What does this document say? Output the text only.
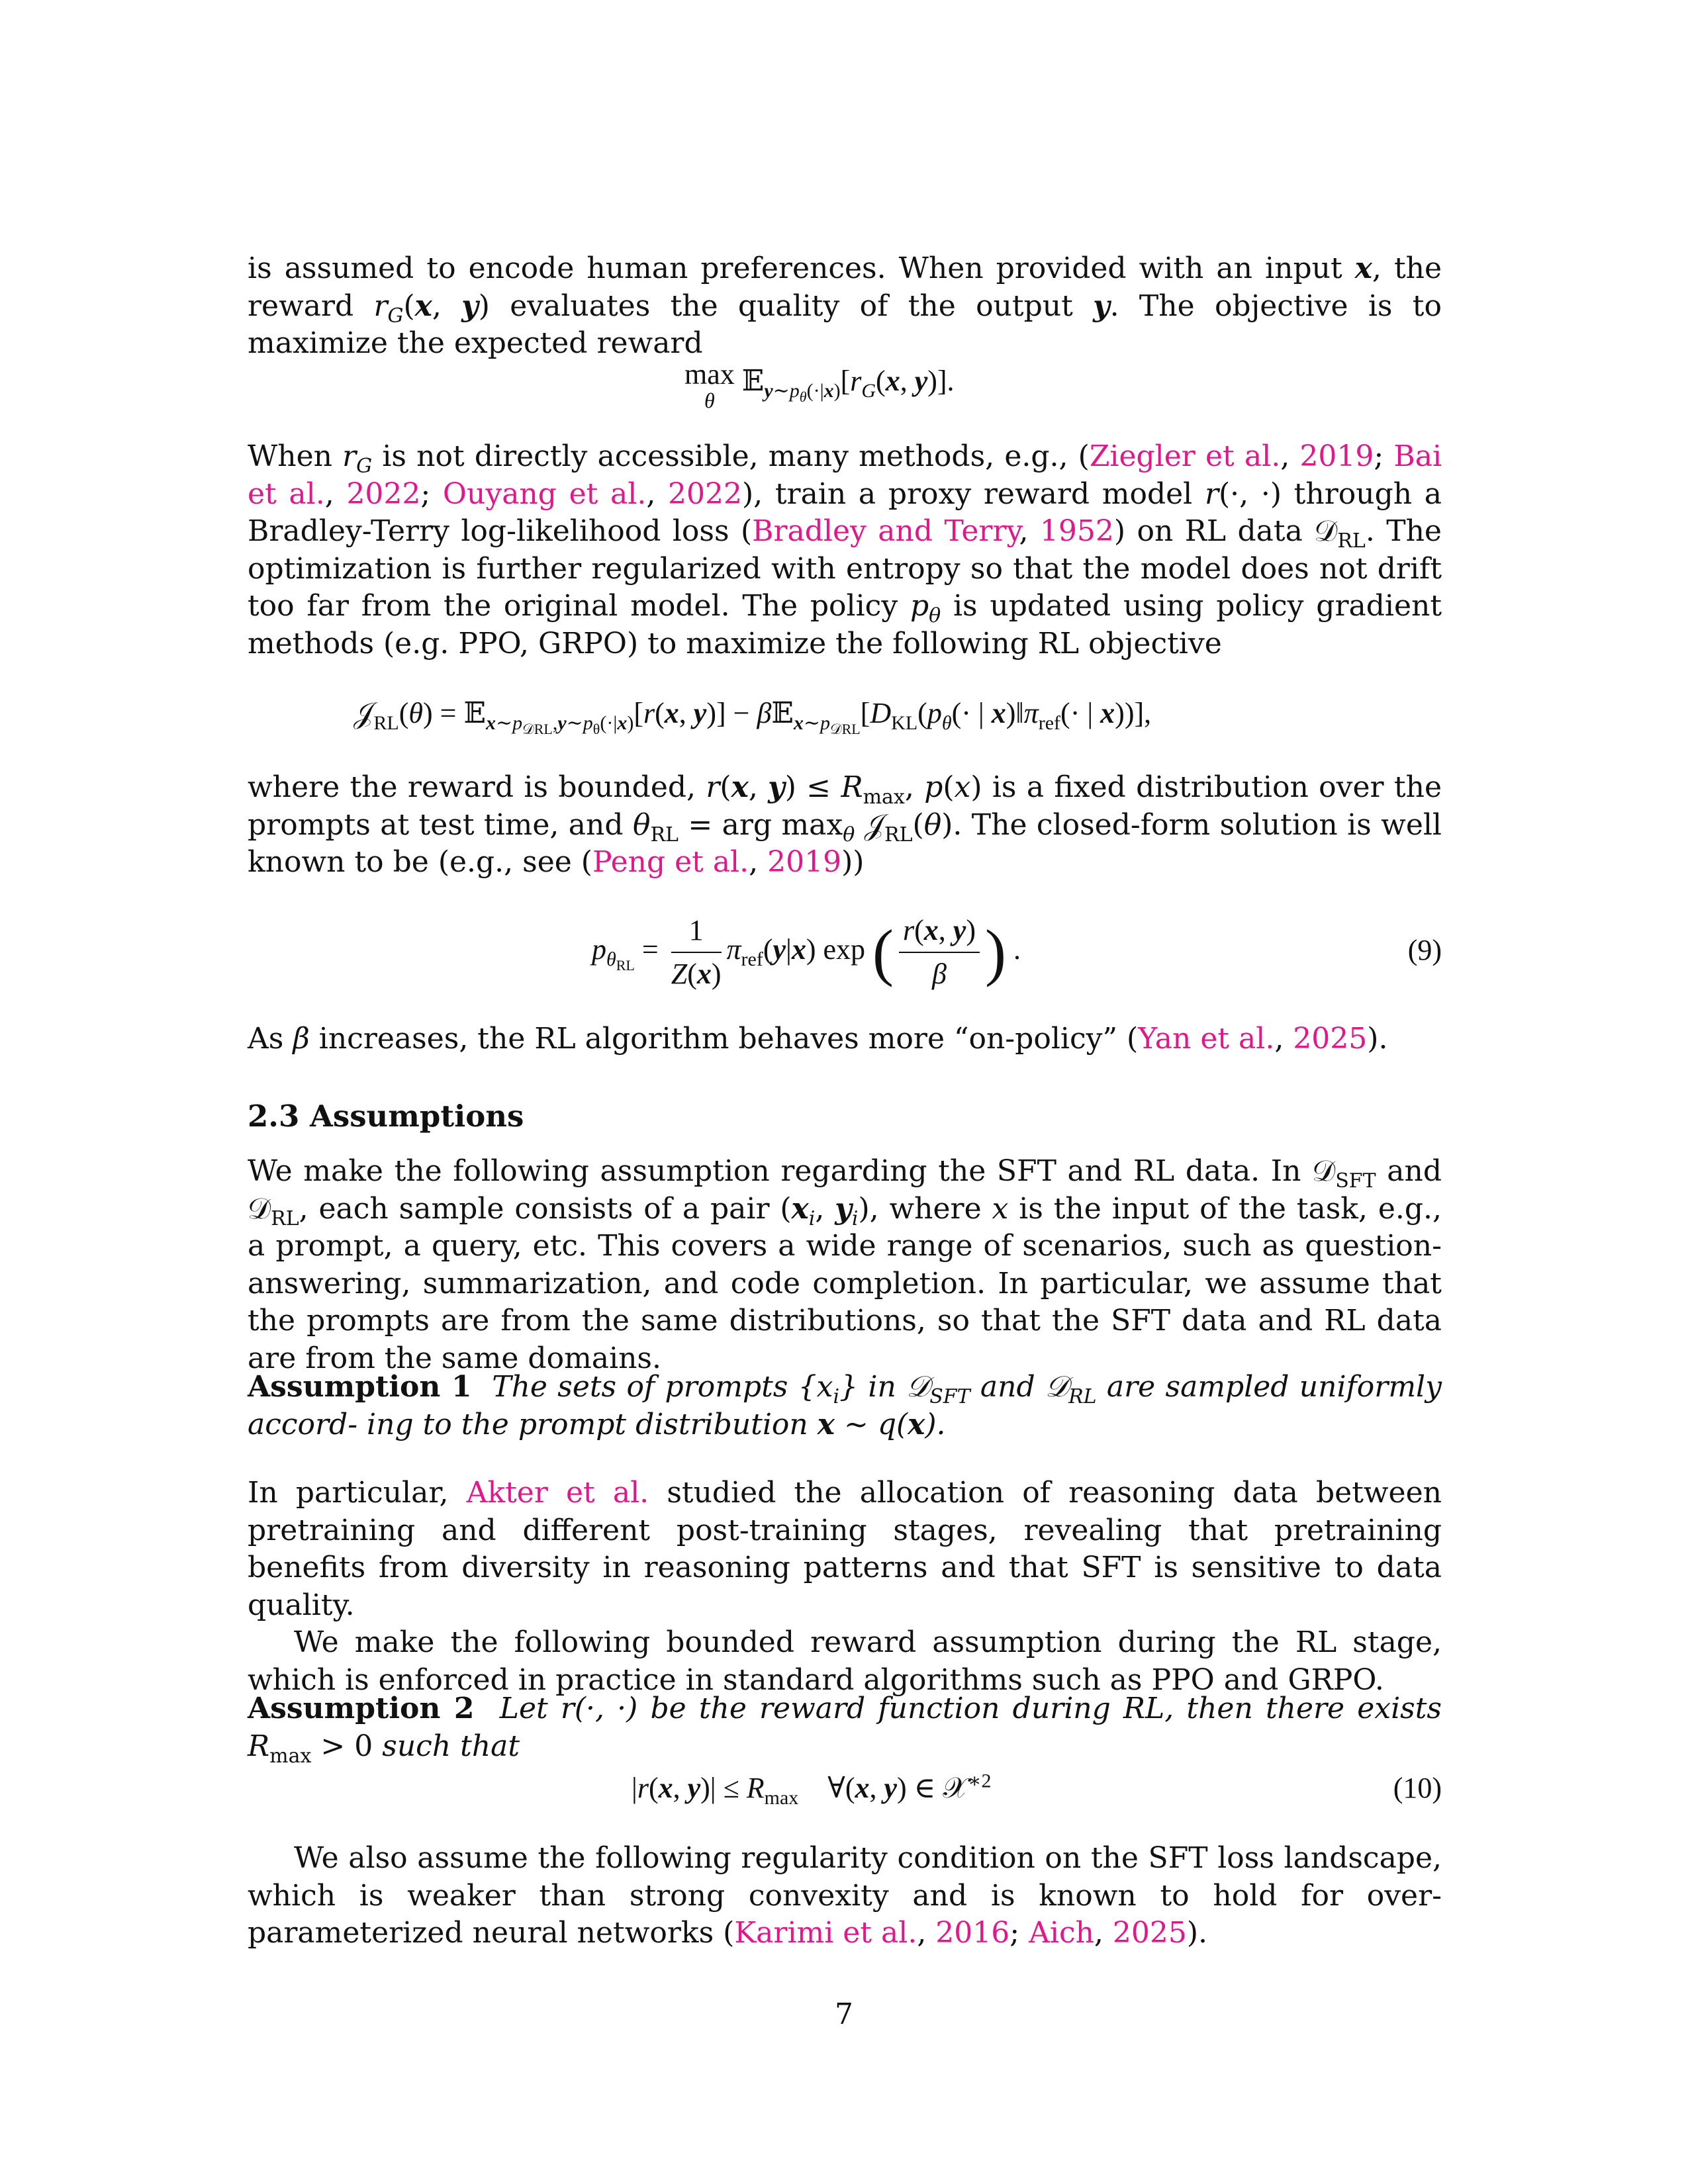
is assumed to encode human preferences. When provided with an input x, the reward $r_G(x$, y) evaluates the quality of the output y. The objective is to maximize the expected reward

max
θ $𝔼_{y\sim p_\theta(\cdot|x)}[r_G(x$, y)].

When $r_G$ is not directly accessible, many methods, e.g., (Ziegler et al., 2019; Bai et al., 2022; Ouyang et al., 2022), train a proxy reward model r(·, ·) through a Bradley-Terry log-likelihood loss (Bradley and Terry, 1952) on RL data 𝒟$_{RL}$. The optimization is further regularized with entropy so that the model does not drift too far from the original model. The policy $p_\theta$ is updated using policy gradient methods (e.g. PPO, GRPO) to maximize the following RL objective

𝒥$_{RL}$(θ) = 𝔼$_{x\sim p_{𝒟RL},y\sim p_\theta(\cdot|x)}$[r(x, $y)] - \beta 𝔼_{x\sim p_{𝒟RL}}[D_{KL}(p_\theta(\cdot$ | $x)‖\pi_{ref}(\cdot$ | x))],

where the reward is bounded, r(x, $y) \le R_{max}$, p(x) is a fixed distribution over the prompts at test time, and $\theta_{RL}$ = arg $\max_\theta$ 𝒥$_{RL}$(θ). The closed-form solution is well known to be (e.g., see (Peng et al., 2019))

$p_{\theta_{RL}} = \frac{1}{Z(x)} \pi_{ref}(y|x)$ exp ( $\frac{r(x, y)}{\beta}$ ) .	(9)

As β increases, the RL algorithm behaves more “on-policy” (Yan et al., 2025).

2.3 Assumptions

We make the following assumption regarding the SFT and RL data. In 𝒟$_{SFT}$ and 𝒟$_{RL}$, each sample consists of a pair ($x_i$, $y_i$), where x is the input of the task, e.g., a prompt, a query, etc. This covers a wide range of scenarios, such as question-answering, summarization, and code completion. In particular, we assume that the prompts are from the same distributions, so that the SFT data and RL data are from the same domains.

Assumption 1  The sets of prompts $\{x_i\}$ in 𝒟$_{SFT}$ and 𝒟$_{RL}$ are sampled uniformly accord- ing to the prompt distribution x ∼ q(x).

In particular, Akter et al. studied the allocation of reasoning data between pretraining and different post-training stages, revealing that pretraining benefits from diversity in reasoning patterns and that SFT is sensitive to data quality.

We make the following bounded reward assumption during the RL stage, which is enforced in practice in standard algorithms such as PPO and GRPO.

Assumption 2  Let r(·, ·) be the reward function during RL, then there exists $R_{max} > 0$ such that

|r(x, $y)| \le R_{max}$    ∀(x, y) ∈ 𝒳$^{∗2}$	(10)

We also assume the following regularity condition on the SFT loss landscape, which is weaker than strong convexity and is known to hold for over-parameterized neural networks (Karimi et al., 2016; Aich, 2025).

7
